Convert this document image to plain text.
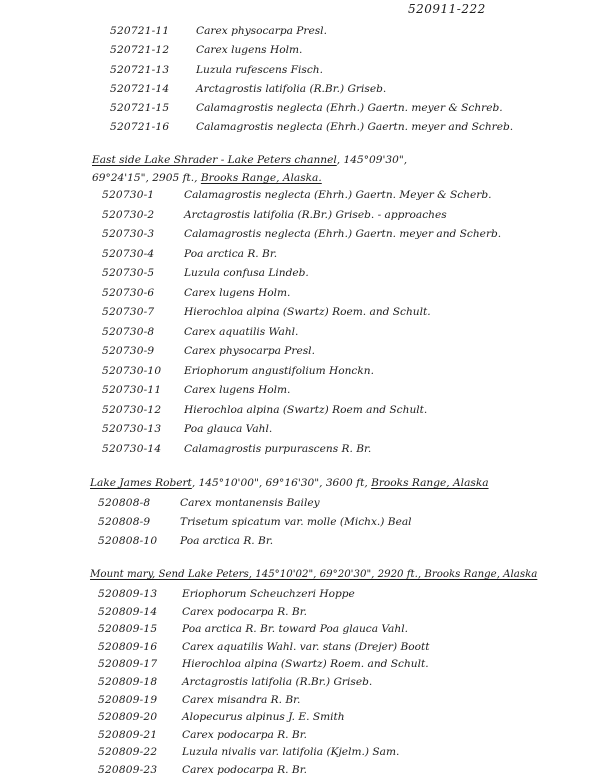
520911-222
520721-11	Carex physocarpa Presl.
520721-12	Carex lugens Holm.
520721-13	Luzula rufescens Fisch.
520721-14	Arctagrostis latifolia (R.Br.) Griseb.
520721-15	Calamagrostis neglecta (Ehrh.) Gaertn. meyer & Schreb.
520721-16	Calamagrostis neglecta (Ehrh.) Gaertn. meyer and Schreb.
East side Lake Shrader - Lake Peters channel, 145°09'30",
69°24'15", 2905 ft., Brooks Range, Alaska.
520730-1	Calamagrostis neglecta (Ehrh.) Gaertn. Meyer & Scherb.
520730-2	Arctagrostis latifolia (R.Br.) Griseb. - approaches
520730-3	Calamagrostis neglecta (Ehrh.) Gaertn. meyer and Scherb.
520730-4	Poa arctica R. Br.
520730-5	Luzula confusa Lindeb.
520730-6	Carex lugens Holm.
520730-7	Hierochloa alpina (Swartz) Roem. and Schult.
520730-8	Carex aquatilis Wahl.
520730-9	Carex physocarpa Presl.
520730-10 Eriophorum angustifolium Honckn.
520730-11 Carex lugens Holm.
520730-12 Hierochloa alpina (Swartz) Roem and Schult.
520730-13 Poa glauca Vahl.
520730-14 Calamagrostis purpurascens R. Br.
Lake James Robert, 145°10'00", 69°16'30", 3600 ft, Brooks Range, Alaska
520808-8	Carex montanensis Bailey
520808-9	Trisetum spicatum var. molle (Michx.) Beal
520808-10 Poa arctica R. Br.
Mount mary, Send Lake Peters, 145°10'02", 69°20'30", 2920 ft., Brooks Range, Alaska
520809-13 Eriophorum Scheuchzeri Hoppe
520809-14 Carex podocarpa R. Br.
520809-15 Poa arctica R. Br. toward Poa glauca Vahl.
520809-16 Carex aquatilis Wahl. var. stans (Drejer) Boott
520809-17 Hierochloa alpina (Swartz) Roem. and Schult.
520809-18 Arctagrostis latifolia (R.Br.) Griseb.
520809-19 Carex misandra R. Br.
520809-20 Alopecurus alpinus J. E. Smith
520809-21 Carex podocarpa R. Br.
520809-22 Luzula nivalis var. latifolia (Kjelm.) Sam.
520809-23 Carex podocarpa R. Br.
